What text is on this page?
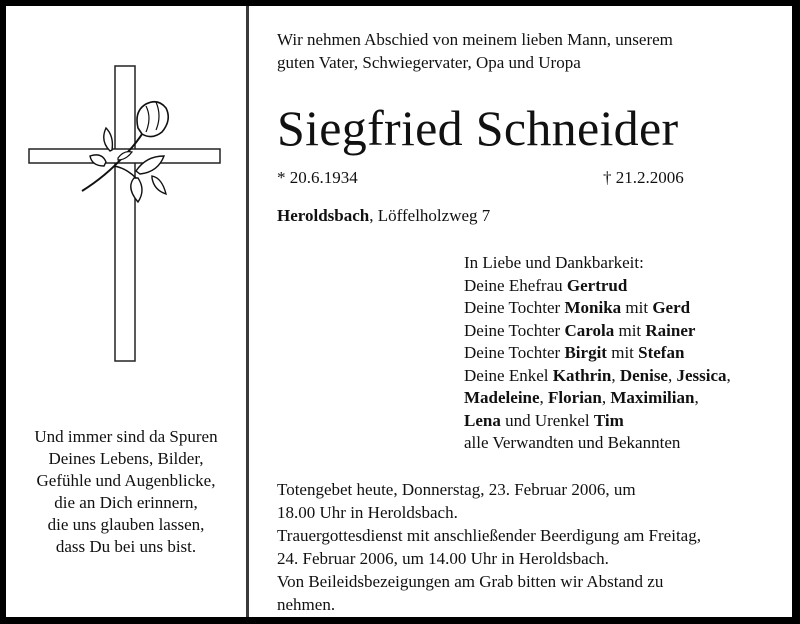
Und immer sind da Spuren
Deines Lebens, Bilder,
Gefühle und Augenblicke,
die an Dich erinnern,
die uns glauben lassen,
dass Du bei uns bist.
Wir nehmen Abschied von meinem lieben Mann, unserem
guten Vater, Schwiegervater, Opa und Uropa
Siegfried Schneider
* 20.6.1934	† 21.2.2006
Heroldsbach, Löffelholzweg 7
In Liebe und Dankbarkeit:
Deine Ehefrau Gertrud
Deine Tochter Monika mit Gerd
Deine Tochter Carola mit Rainer
Deine Tochter Birgit mit Stefan
Deine Enkel Kathrin, Denise, Jessica,
Madeleine, Florian, Maximilian,
Lena und Urenkel Tim
alle Verwandten und Bekannten
Totengebet heute, Donnerstag, 23. Februar 2006, um
18.00 Uhr in Heroldsbach.
Trauergottesdienst mit anschließender Beerdigung am Freitag,
24. Februar 2006, um 14.00 Uhr in Heroldsbach.
Von Beileidsbezeigungen am Grab bitten wir Abstand zu
nehmen.
